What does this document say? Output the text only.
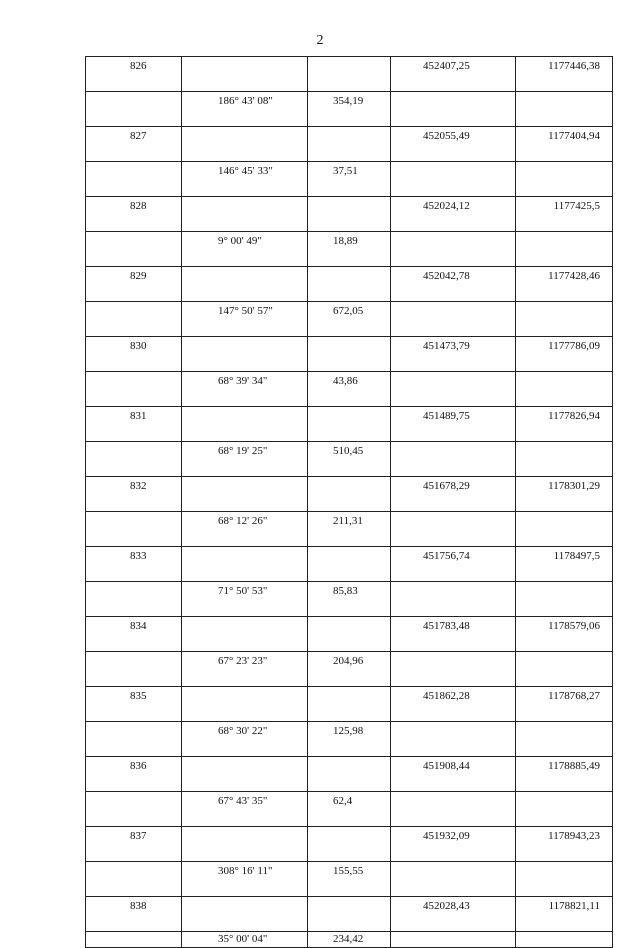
2
826			452407,25	1177446,38
	186° 43' 08"	354,19		
827			452055,49	1177404,94
	146° 45' 33"	37,51		
828			452024,12	1177425,5
	9° 00' 49"	18,89		
829			452042,78	1177428,46
	147° 50' 57"	672,05		
830			451473,79	1177786,09
	68° 39' 34"	43,86		
831			451489,75	1177826,94
	68° 19' 25"	510,45		
832			451678,29	1178301,29
	68° 12' 26"	211,31		
833			451756,74	1178497,5
	71° 50' 53"	85,83		
834			451783,48	1178579,06
	67° 23' 23"	204,96		
835			451862,28	1178768,27
	68° 30' 22"	125,98		
836			451908,44	1178885,49
	67° 43' 35"	62,4		
837			451932,09	1178943,23
	308° 16' 11"	155,55		
838			452028,43	1178821,11
	35° 00' 04"	234,42		
